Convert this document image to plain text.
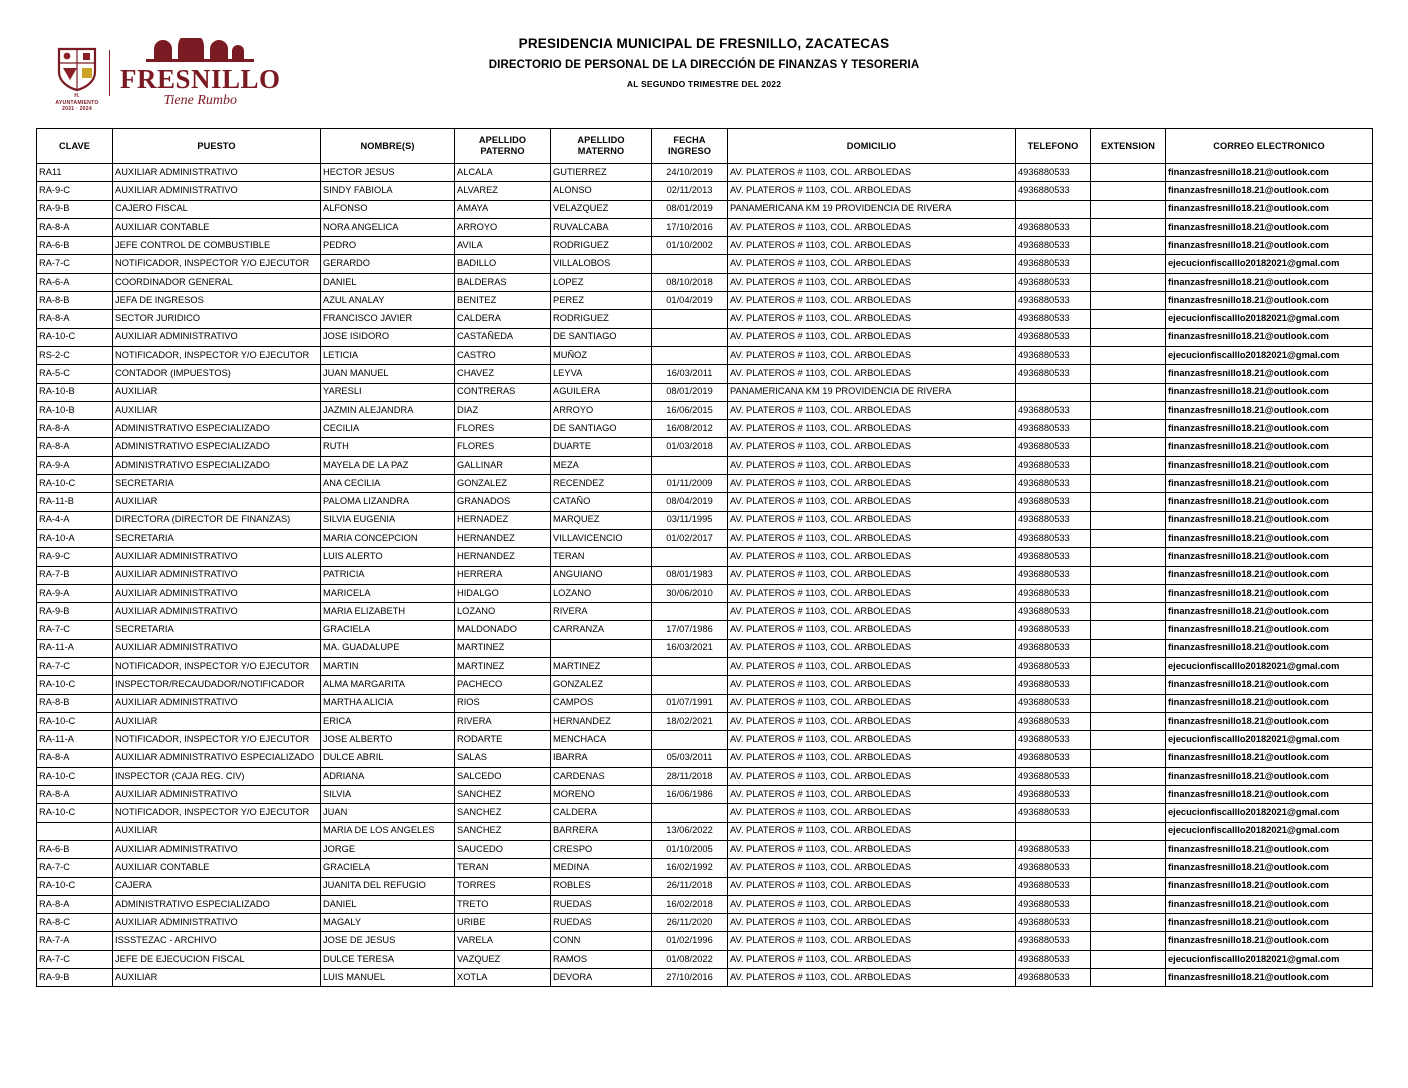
H. AYUNTAMIENTO
2021 · 2024
FRESNILLO
Tiene Rumbo
PRESIDENCIA MUNICIPAL DE FRESNILLO, ZACATECAS
DIRECTORIO DE PERSONAL DE LA DIRECCIÓN DE FINANZAS Y TESORERIA
AL SEGUNDO TRIMESTRE DEL 2022
CLAVE	PUESTO	NOMBRE(S)	APELLIDO PATERNO	APELLIDO MATERNO	FECHA INGRESO	DOMICILIO	TELEFONO	EXTENSION	CORREO ELECTRONICO
RA11	AUXILIAR ADMINISTRATIVO	HECTOR JESUS	ALCALA	GUTIERREZ	24/10/2019	AV. PLATEROS # 1103, COL. ARBOLEDAS	4936880533		finanzasfresnillo18.21@outlook.com
RA-9-C	AUXILIAR ADMINISTRATIVO	SINDY FABIOLA	ALVAREZ	ALONSO	02/11/2013	AV. PLATEROS # 1103, COL. ARBOLEDAS	4936880533		finanzasfresnillo18.21@outlook.com
RA-9-B	CAJERO FISCAL	ALFONSO	AMAYA	VELAZQUEZ	08/01/2019	PANAMERICANA KM 19 PROVIDENCIA DE RIVERA			finanzasfresnillo18.21@outlook.com
RA-8-A	AUXILIAR CONTABLE	NORA ANGELICA	ARROYO	RUVALCABA	17/10/2016	AV. PLATEROS # 1103, COL. ARBOLEDAS	4936880533		finanzasfresnillo18.21@outlook.com
RA-6-B	JEFE CONTROL DE COMBUSTIBLE	PEDRO	AVILA	RODRIGUEZ	01/10/2002	AV. PLATEROS # 1103, COL. ARBOLEDAS	4936880533		finanzasfresnillo18.21@outlook.com
RA-7-C	NOTIFICADOR, INSPECTOR Y/O EJECUTOR	GERARDO	BADILLO	VILLALOBOS		AV. PLATEROS # 1103, COL. ARBOLEDAS	4936880533		ejecucionfiscalllo20182021@gmal.com
RA-6-A	COORDINADOR GENERAL	DANIEL	BALDERAS	LOPEZ	08/10/2018	AV. PLATEROS # 1103, COL. ARBOLEDAS	4936880533		finanzasfresnillo18.21@outlook.com
RA-8-B	JEFA DE INGRESOS	AZUL ANALAY	BENITEZ	PEREZ	01/04/2019	AV. PLATEROS # 1103, COL. ARBOLEDAS	4936880533		finanzasfresnillo18.21@outlook.com
RA-8-A	SECTOR JURIDICO	FRANCISCO JAVIER	CALDERA	RODRIGUEZ		AV. PLATEROS # 1103, COL. ARBOLEDAS	4936880533		ejecucionfiscalllo20182021@gmal.com
RA-10-C	AUXILIAR ADMINISTRATIVO	JOSE ISIDORO	CASTAÑEDA	DE SANTIAGO		AV. PLATEROS # 1103, COL. ARBOLEDAS	4936880533		finanzasfresnillo18.21@outlook.com
RS-2-C	NOTIFICADOR, INSPECTOR Y/O EJECUTOR	LETICIA	CASTRO	MUÑOZ		AV. PLATEROS # 1103, COL. ARBOLEDAS	4936880533		ejecucionfiscalllo20182021@gmal.com
RA-5-C	CONTADOR (IMPUESTOS)	JUAN MANUEL	CHAVEZ	LEYVA	16/03/2011	AV. PLATEROS # 1103, COL. ARBOLEDAS	4936880533		finanzasfresnillo18.21@outlook.com
RA-10-B	AUXILIAR	YARESLI	CONTRERAS	AGUILERA	08/01/2019	PANAMERICANA KM 19 PROVIDENCIA DE RIVERA			finanzasfresnillo18.21@outlook.com
RA-10-B	AUXILIAR	JAZMIN ALEJANDRA	DIAZ	ARROYO	16/06/2015	AV. PLATEROS # 1103, COL. ARBOLEDAS	4936880533		finanzasfresnillo18.21@outlook.com
RA-8-A	ADMINISTRATIVO ESPECIALIZADO	CECILIA	FLORES	DE SANTIAGO	16/08/2012	AV. PLATEROS # 1103, COL. ARBOLEDAS	4936880533		finanzasfresnillo18.21@outlook.com
RA-8-A	ADMINISTRATIVO ESPECIALIZADO	RUTH	FLORES	DUARTE	01/03/2018	AV. PLATEROS # 1103, COL. ARBOLEDAS	4936880533		finanzasfresnillo18.21@outlook.com
RA-9-A	ADMINISTRATIVO ESPECIALIZADO	MAYELA DE LA PAZ	GALLINAR	MEZA		AV. PLATEROS # 1103, COL. ARBOLEDAS	4936880533		finanzasfresnillo18.21@outlook.com
RA-10-C	SECRETARIA	ANA CECILIA	GONZALEZ	RECENDEZ	01/11/2009	AV. PLATEROS # 1103, COL. ARBOLEDAS	4936880533		finanzasfresnillo18.21@outlook.com
RA-11-B	AUXILIAR	PALOMA LIZANDRA	GRANADOS	CATAÑO	08/04/2019	AV. PLATEROS # 1103, COL. ARBOLEDAS	4936880533		finanzasfresnillo18.21@outlook.com
RA-4-A	DIRECTORA (DIRECTOR DE FINANZAS)	SILVIA EUGENIA	HERNADEZ	MARQUEZ	03/11/1995	AV. PLATEROS # 1103, COL. ARBOLEDAS	4936880533		finanzasfresnillo18.21@outlook.com
RA-10-A	SECRETARIA	MARIA CONCEPCION	HERNANDEZ	VILLAVICENCIO	01/02/2017	AV. PLATEROS # 1103, COL. ARBOLEDAS	4936880533		finanzasfresnillo18.21@outlook.com
RA-9-C	AUXILIAR ADMINISTRATIVO	LUIS ALERTO	HERNANDEZ	TERAN		AV. PLATEROS # 1103, COL. ARBOLEDAS	4936880533		finanzasfresnillo18.21@outlook.com
RA-7-B	AUXILIAR ADMINISTRATIVO	PATRICIA	HERRERA	ANGUIANO	08/01/1983	AV. PLATEROS # 1103, COL. ARBOLEDAS	4936880533		finanzasfresnillo18.21@outlook.com
RA-9-A	AUXILIAR ADMINISTRATIVO	MARICELA	HIDALGO	LOZANO	30/06/2010	AV. PLATEROS # 1103, COL. ARBOLEDAS	4936880533		finanzasfresnillo18.21@outlook.com
RA-9-B	AUXILIAR ADMINISTRATIVO	MARIA ELIZABETH	LOZANO	RIVERA		AV. PLATEROS # 1103, COL. ARBOLEDAS	4936880533		finanzasfresnillo18.21@outlook.com
RA-7-C	SECRETARIA	GRACIELA	MALDONADO	CARRANZA	17/07/1986	AV. PLATEROS # 1103, COL. ARBOLEDAS	4936880533		finanzasfresnillo18.21@outlook.com
RA-11-A	AUXILIAR ADMINISTRATIVO	MA. GUADALUPE	MARTINEZ		16/03/2021	AV. PLATEROS # 1103, COL. ARBOLEDAS	4936880533		finanzasfresnillo18.21@outlook.com
RA-7-C	NOTIFICADOR, INSPECTOR Y/O EJECUTOR	MARTIN	MARTINEZ	MARTINEZ		AV. PLATEROS # 1103, COL. ARBOLEDAS	4936880533		ejecucionfiscalllo20182021@gmal.com
RA-10-C	INSPECTOR/RECAUDADOR/NOTIFICADOR	ALMA MARGARITA	PACHECO	GONZALEZ		AV. PLATEROS # 1103, COL. ARBOLEDAS	4936880533		finanzasfresnillo18.21@outlook.com
RA-8-B	AUXILIAR ADMINISTRATIVO	MARTHA ALICIA	RIOS	CAMPOS	01/07/1991	AV. PLATEROS # 1103, COL. ARBOLEDAS	4936880533		finanzasfresnillo18.21@outlook.com
RA-10-C	AUXILIAR	ERICA	RIVERA	HERNANDEZ	18/02/2021	AV. PLATEROS # 1103, COL. ARBOLEDAS	4936880533		finanzasfresnillo18.21@outlook.com
RA-11-A	NOTIFICADOR, INSPECTOR Y/O EJECUTOR	JOSE ALBERTO	RODARTE	MENCHACA		AV. PLATEROS # 1103, COL. ARBOLEDAS	4936880533		ejecucionfiscalllo20182021@gmal.com
RA-8-A	AUXILIAR ADMINISTRATIVO ESPECIALIZADO	DULCE ABRIL	SALAS	IBARRA	05/03/2011	AV. PLATEROS # 1103, COL. ARBOLEDAS	4936880533		finanzasfresnillo18.21@outlook.com
RA-10-C	INSPECTOR (CAJA REG. CIV)	ADRIANA	SALCEDO	CARDENAS	28/11/2018	AV. PLATEROS # 1103, COL. ARBOLEDAS	4936880533		finanzasfresnillo18.21@outlook.com
RA-8-A	AUXILIAR ADMINISTRATIVO	SILVIA	SANCHEZ	MORENO	16/06/1986	AV. PLATEROS # 1103, COL. ARBOLEDAS	4936880533		finanzasfresnillo18.21@outlook.com
RA-10-C	NOTIFICADOR, INSPECTOR Y/O EJECUTOR	JUAN	SANCHEZ	CALDERA		AV. PLATEROS # 1103, COL. ARBOLEDAS	4936880533		ejecucionfiscalllo20182021@gmal.com
	AUXILIAR	MARIA DE LOS ANGELES	SANCHEZ	BARRERA	13/06/2022	AV. PLATEROS # 1103, COL. ARBOLEDAS			ejecucionfiscalllo20182021@gmal.com
RA-6-B	AUXILIAR ADMINISTRATIVO	JORGE	SAUCEDO	CRESPO	01/10/2005	AV. PLATEROS # 1103, COL. ARBOLEDAS	4936880533		finanzasfresnillo18.21@outlook.com
RA-7-C	AUXILIAR CONTABLE	GRACIELA	TERAN	MEDINA	16/02/1992	AV. PLATEROS # 1103, COL. ARBOLEDAS	4936880533		finanzasfresnillo18.21@outlook.com
RA-10-C	CAJERA	JUANITA DEL REFUGIO	TORRES	ROBLES	26/11/2018	AV. PLATEROS # 1103, COL. ARBOLEDAS	4936880533		finanzasfresnillo18.21@outlook.com
RA-8-A	ADMINISTRATIVO ESPECIALIZADO	DANIEL	TRETO	RUEDAS	16/02/2018	AV. PLATEROS # 1103, COL. ARBOLEDAS	4936880533		finanzasfresnillo18.21@outlook.com
RA-8-C	AUXILIAR ADMINISTRATIVO	MAGALY	URIBE	RUEDAS	26/11/2020	AV. PLATEROS # 1103, COL. ARBOLEDAS	4936880533		finanzasfresnillo18.21@outlook.com
RA-7-A	ISSSTEZAC - ARCHIVO	JOSE DE JESUS	VARELA	CONN	01/02/1996	AV. PLATEROS # 1103, COL. ARBOLEDAS	4936880533		finanzasfresnillo18.21@outlook.com
RA-7-C	JEFE DE EJECUCION FISCAL	DULCE TERESA	VAZQUEZ	RAMOS	01/08/2022	AV. PLATEROS # 1103, COL. ARBOLEDAS	4936880533		ejecucionfiscalllo20182021@gmal.com
RA-9-B	AUXILIAR	LUIS MANUEL	XOTLA	DEVORA	27/10/2016	AV. PLATEROS # 1103, COL. ARBOLEDAS	4936880533		finanzasfresnillo18.21@outlook.com
